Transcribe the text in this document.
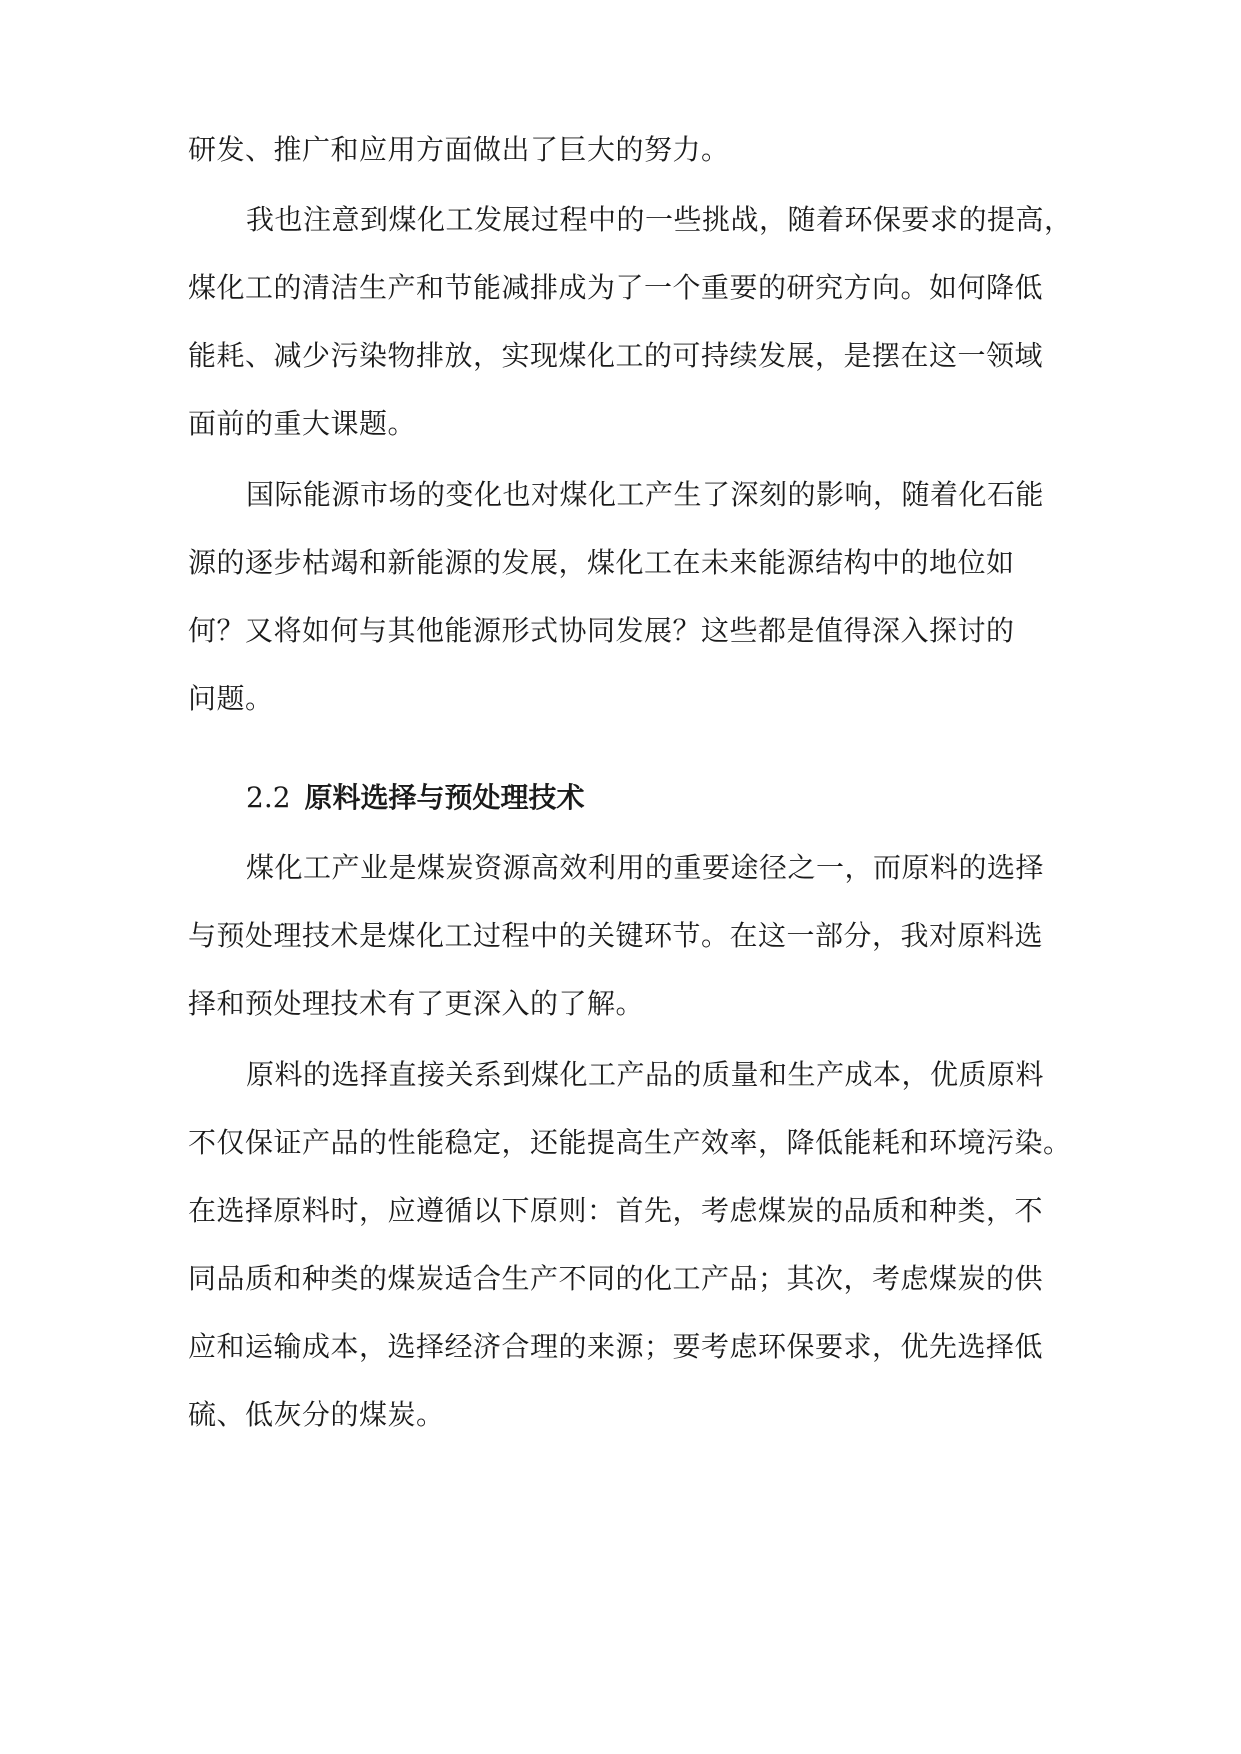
研发、推广和应用方面做出了巨大的努力。
我也注意到煤化工发展过程中的一些挑战，随着环保要求的提高，
煤化工的清洁生产和节能减排成为了一个重要的研究方向。如何降低
能耗、减少污染物排放，实现煤化工的可持续发展，是摆在这一领域
面前的重大课题。
国际能源市场的变化也对煤化工产生了深刻的影响，随着化石能
源的逐步枯竭和新能源的发展，煤化工在未来能源结构中的地位如
何？又将如何与其他能源形式协同发展？这些都是值得深入探讨的
问题。
2.2 原料选择与预处理技术
煤化工产业是煤炭资源高效利用的重要途径之一，而原料的选择
与预处理技术是煤化工过程中的关键环节。在这一部分，我对原料选
择和预处理技术有了更深入的了解。
原料的选择直接关系到煤化工产品的质量和生产成本，优质原料
不仅保证产品的性能稳定，还能提高生产效率，降低能耗和环境污染。
在选择原料时，应遵循以下原则：首先，考虑煤炭的品质和种类，不
同品质和种类的煤炭适合生产不同的化工产品；其次，考虑煤炭的供
应和运输成本，选择经济合理的来源；要考虑环保要求，优先选择低
硫、低灰分的煤炭。
